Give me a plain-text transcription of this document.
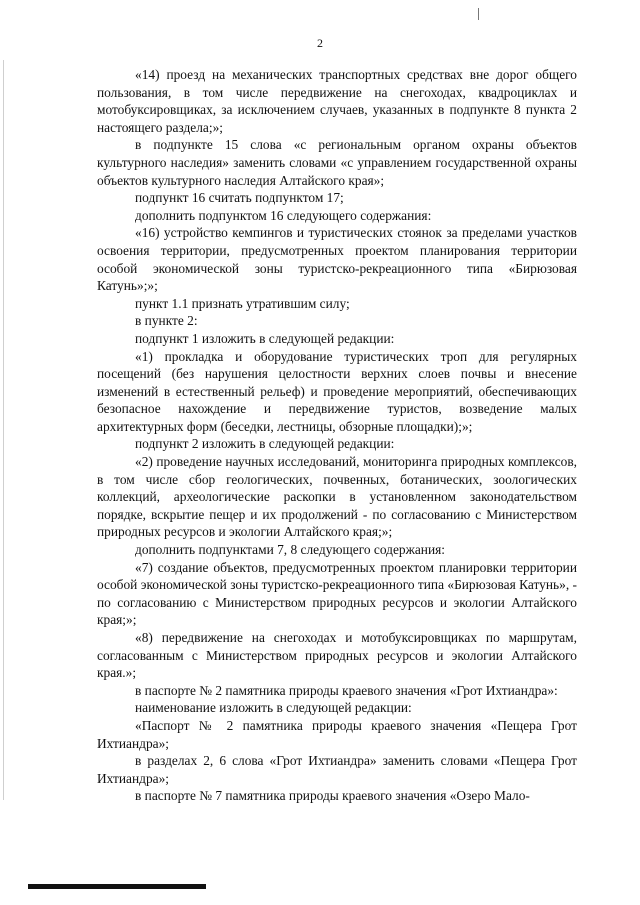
2

«14) проезд на механических транспортных средствах вне дорог общего пользования, в том числе передвижение на снегоходах, квадроциклах и мотобуксировщиках, за исключением случаев, указанных в подпункте 8 пункта 2 настоящего раздела;»;

в подпункте 15 слова «с региональным органом охраны объектов культурного наследия» заменить словами «с управлением государственной охраны объектов культурного наследия Алтайского края»;

подпункт 16 считать подпунктом 17;

дополнить подпунктом 16 следующего содержания:

«16) устройство кемпингов и туристических стоянок за пределами участков освоения территории, предусмотренных проектом планирования территории особой экономической зоны туристско-рекреационного типа «Бирюзовая Катунь»;»;

пункт 1.1 признать утратившим силу;

в пункте 2:

подпункт 1 изложить в следующей редакции:

«1) прокладка и оборудование туристических троп для регулярных посещений (без нарушения целостности верхних слоев почвы и внесение изменений в естественный рельеф) и проведение мероприятий, обеспечивающих безопасное нахождение и передвижение туристов, возведение малых архитектурных форм (беседки, лестницы, обзорные площадки);»;

подпункт 2 изложить в следующей редакции:

«2) проведение научных исследований, мониторинга природных комплексов, в том числе сбор геологических, почвенных, ботанических, зоологических коллекций, археологические раскопки в установленном законодательством порядке, вскрытие пещер и их продолжений - по согласованию с Министерством природных ресурсов и экологии Алтайского края;»;

дополнить подпунктами 7, 8 следующего содержания:

«7) создание объектов, предусмотренных проектом планировки территории особой экономической зоны туристско-рекреационного типа «Бирюзовая Катунь», - по согласованию с Министерством природных ресурсов и экологии Алтайского края;»;

«8) передвижение на снегоходах и мотобуксировщиках по маршрутам, согласованным с Министерством природных ресурсов и экологии Алтайского края.»;

в паспорте № 2 памятника природы краевого значения «Грот Ихтиандра»:

наименование изложить в следующей редакции:

«Паспорт № 2 памятника природы краевого значения «Пещера Грот Ихтиандра»;

в разделах 2, 6 слова «Грот Ихтиандра» заменить словами «Пещера Грот Ихтиандра»;

в паспорте № 7 памятника природы краевого значения «Озеро Мало-
